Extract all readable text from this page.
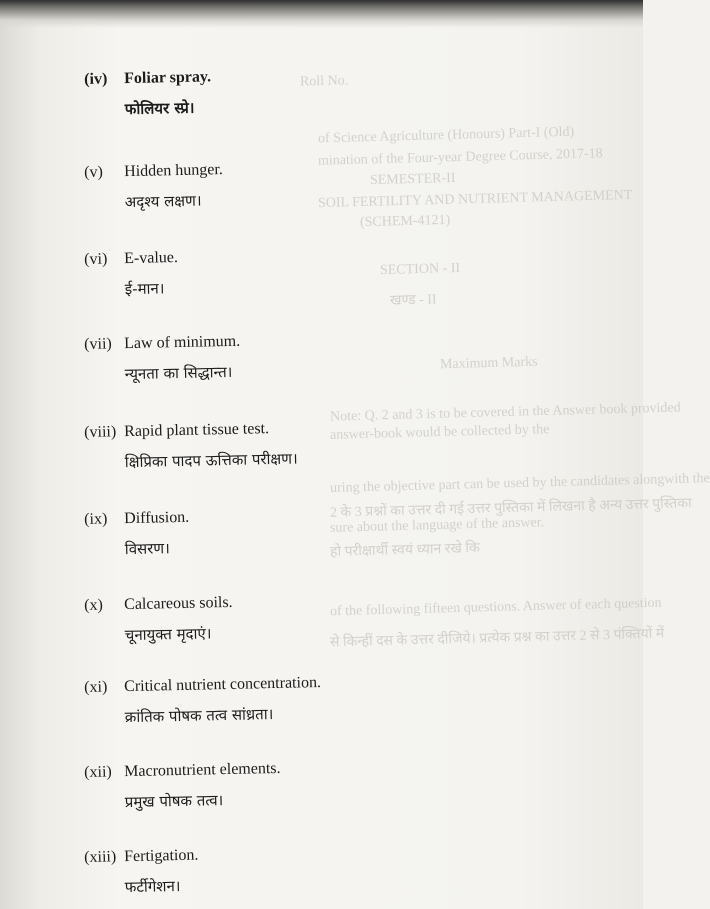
Roll No.
of Science Agriculture (Honours) Part-I (Old)
mination of the Four-year Degree Course, 2017-18
SEMESTER-II
SOIL FERTILITY AND NUTRIENT MANAGEMENT
(SCHEM-4121)
SECTION - II
खण्ड - II
Maximum Marks
Note: Q. 2 and 3 is to be covered in the Answer book provided
answer-book would be collected by the
uring the objective part can be used by the candidates alongwith the
2 के 3 प्रश्नों का उत्तर दी गई उत्तर पुस्तिका में लिखना है अन्य उत्तर पुस्तिका
sure about the language of the answer.
हो परीक्षार्थी स्वयं ध्यान रखे कि
of the following fifteen questions. Answer of each question
से किन्हीं दस के उत्तर दीजिये। प्रत्येक प्रश्न का उत्तर 2 से 3 पंक्तियों में
(iv)	Foliar spray.
फोलियर स्प्रे।
(v)	Hidden hunger.
अदृश्य लक्षण।
(vi)	E-value.
ई-मान।
(vii) Law of minimum.
न्यूनता का सिद्धान्त।
(viii) Rapid plant tissue test.
क्षिप्रिका पादप ऊत्तिका परीक्षण।
(ix)	Diffusion.
विसरण।
(x)	Calcareous soils.
चूनायुक्त मृदाएं।
(xi)	Critical nutrient concentration.
क्रांतिक पोषक तत्व सांध्रता।
(xii) Macronutrient elements.
प्रमुख पोषक तत्व।
(xiii) Fertigation.
फर्टीगेशन।
